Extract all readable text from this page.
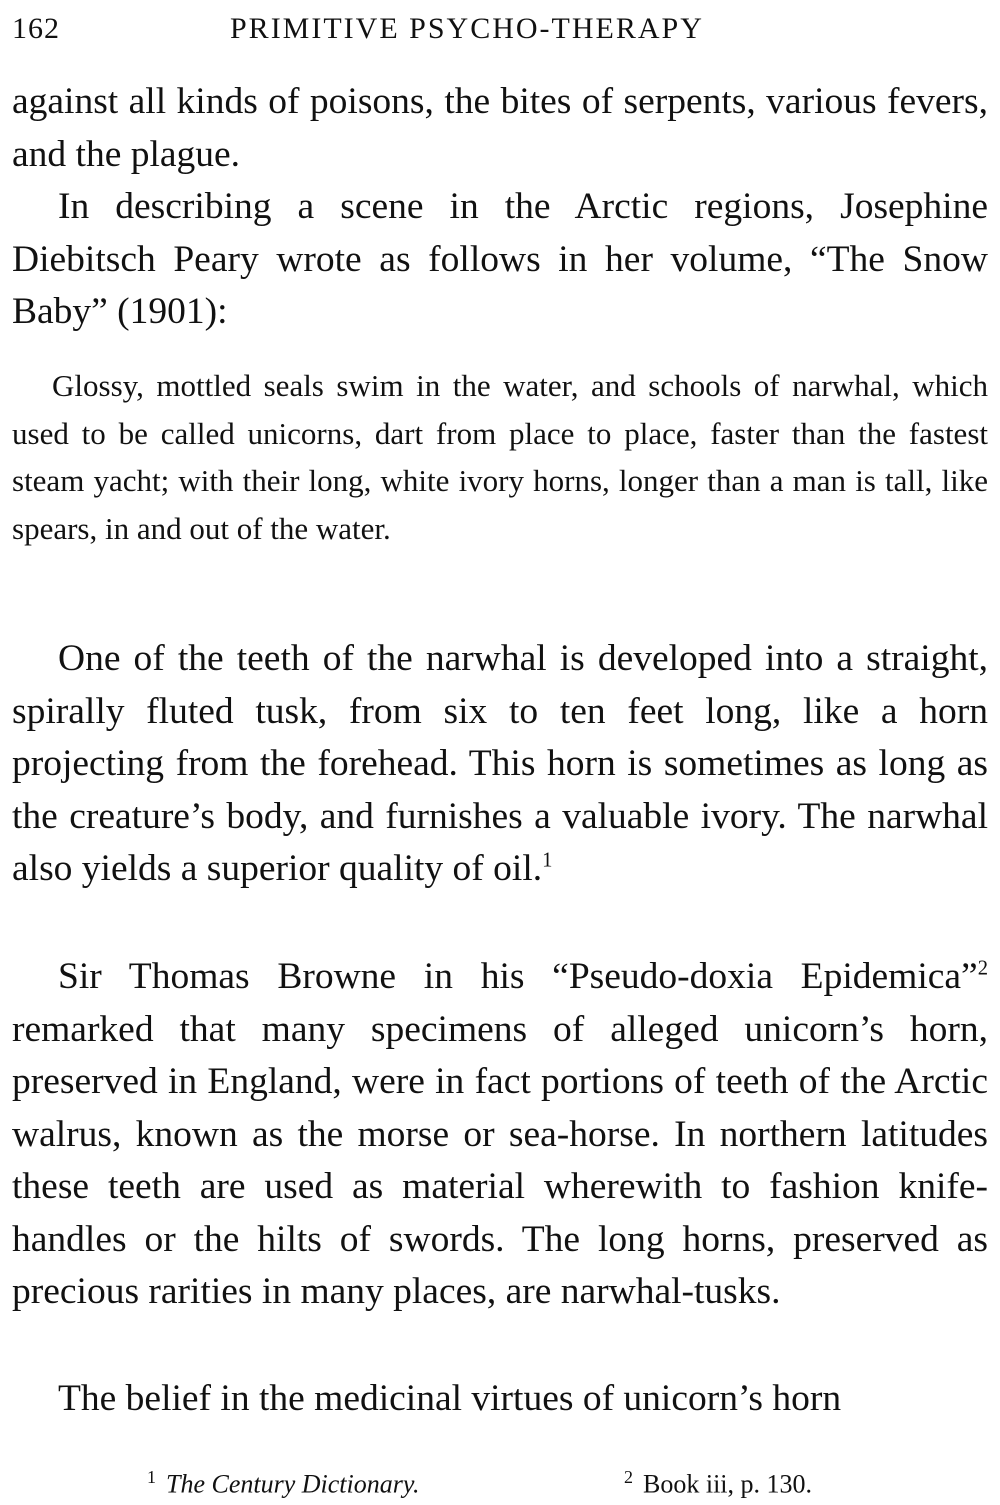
162	PRIMITIVE PSYCHO-THERAPY

against all kinds of poisons, the bites of serpents, various fevers, and the plague.

In describing a scene in the Arctic regions, Josephine Diebitsch Peary wrote as follows in her volume, “The Snow Baby” (1901):

Glossy, mottled seals swim in the water, and schools of narwhal, which used to be called unicorns, dart from place to place, faster than the fastest steam yacht; with their long, white ivory horns, longer than a man is tall, like spears, in and out of the water.

One of the teeth of the narwhal is developed into a straight, spirally fluted tusk, from six to ten feet long, like a horn projecting from the forehead. This horn is sometimes as long as the creature’s body, and furnishes a valuable ivory. The narwhal also yields a superior quality of oil.$^1$

Sir Thomas Browne in his “Pseudo-doxia Epidemica”$^2$ remarked that many specimens of alleged unicorn’s horn, preserved in England, were in fact portions of teeth of the Arctic walrus, known as the morse or sea-horse. In northern latitudes these teeth are used as material wherewith to fashion knife-handles or the hilts of swords. The long horns, preserved as precious rarities in many places, are narwhal-tusks.

The belief in the medicinal virtues of unicorn’s horn

$^1$ The Century Dictionary.	$^2$ Book iii, p. 130.
